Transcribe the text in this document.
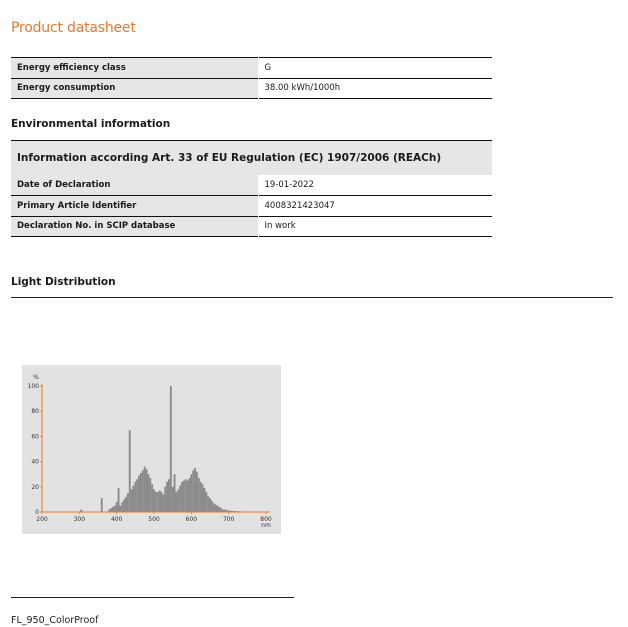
Product datasheet
Energy efficiency class	G
Energy consumption	38.00 kWh/1000h
Environmental information
Information according Art. 33 of EU Regulation (EC) 1907/2006 (REACh)
Date of Declaration	19-01-2022
Primary Article Identifier	4008321423047
Declaration No. in SCIP database	In work
Light Distribution
0
20
40
60
80
100
%
200	300	400	500	600	700	800
nm
FL_950_ColorProof
